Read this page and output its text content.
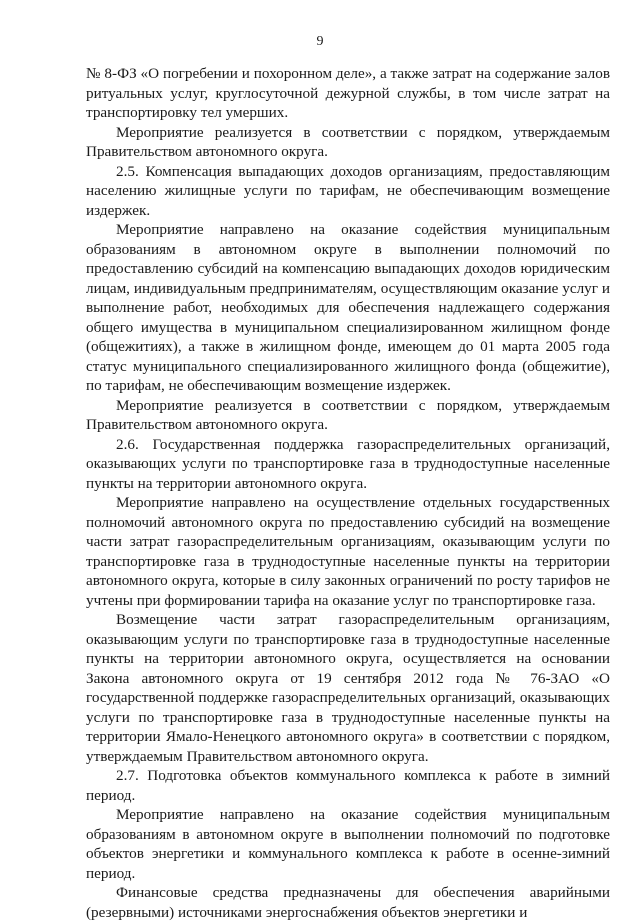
9

№ 8-ФЗ «О погребении и похоронном деле», а также затрат на содержание залов ритуальных услуг, круглосуточной дежурной службы, в том числе затрат на транспортировку тел умерших.

Мероприятие реализуется в соответствии с порядком, утверждаемым Правительством автономного округа.

2.5. Компенсация выпадающих доходов организациям, предоставляющим населению жилищные услуги по тарифам, не обеспечивающим возмещение издержек.

Мероприятие направлено на оказание содействия муниципальным образованиям в автономном округе в выполнении полномочий по предоставлению субсидий на компенсацию выпадающих доходов юридическим лицам, индивидуальным предпринимателям, осуществляющим оказание услуг и выполнение работ, необходимых для обеспечения надлежащего содержания общего имущества в муниципальном специализированном жилищном фонде (общежитиях), а также в жилищном фонде, имеющем до 01 марта 2005 года статус муниципального специализированного жилищного фонда (общежитие), по тарифам, не обеспечивающим возмещение издержек.

Мероприятие реализуется в соответствии с порядком, утверждаемым Правительством автономного округа.

2.6. Государственная поддержка газораспределительных организаций, оказывающих услуги по транспортировке газа в труднодоступные населенные пункты на территории автономного округа.

Мероприятие направлено на осуществление отдельных государственных полномочий автономного округа по предоставлению субсидий на возмещение части затрат газораспределительным организациям, оказывающим услуги по транспортировке газа в труднодоступные населенные пункты на территории автономного округа, которые в силу законных ограничений по росту тарифов не учтены при формировании тарифа на оказание услуг по транспортировке газа.

Возмещение части затрат газораспределительным организациям, оказывающим услуги по транспортировке газа в труднодоступные населенные пункты на территории автономного округа, осуществляется на основании Закона автономного округа от 19 сентября 2012 года № 76-ЗАО «О государственной поддержке газораспределительных организаций, оказывающих услуги по транспортировке газа в труднодоступные населенные пункты на территории Ямало-Ненецкого автономного округа» в соответствии с порядком, утверждаемым Правительством автономного округа.

2.7. Подготовка объектов коммунального комплекса к работе в зимний период.

Мероприятие направлено на оказание содействия муниципальным образованиям в автономном округе в выполнении полномочий по подготовке объектов энергетики и коммунального комплекса к работе в осенне-зимний период.

Финансовые средства предназначены для обеспечения аварийными (резервными) источниками энергоснабжения объектов энергетики и
